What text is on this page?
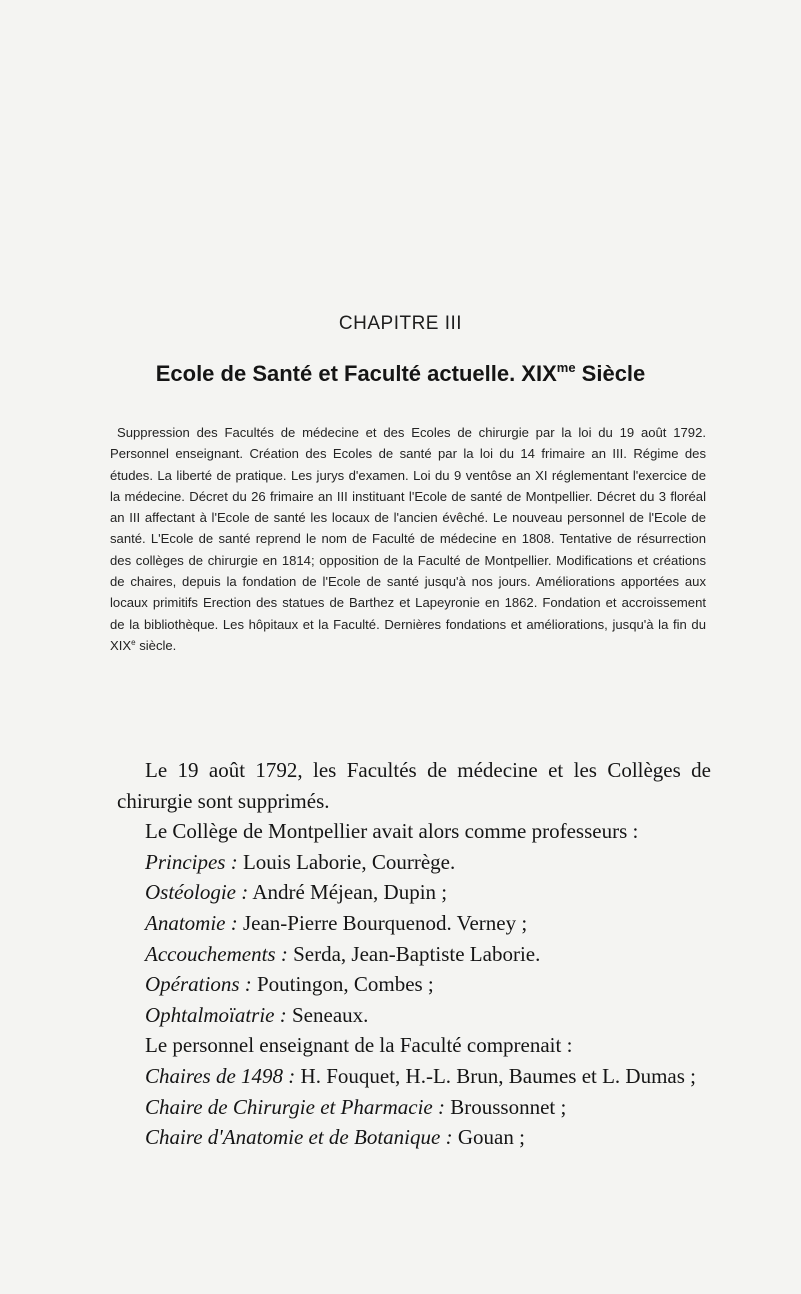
CHAPITRE III
Ecole de Santé et Faculté actuelle. $XIX^{me}$ Siècle
Suppression des Facultés de médecine et des Ecoles de chirurgie par la loi du 19 août 1792. Personnel enseignant. Création des Ecoles de santé par la loi du 14 frimaire an III. Régime des études. La liberté de pratique. Les jurys d'examen. Loi du 9 ventôse an XI réglementant l'exercice de la médecine. Décret du 26 frimaire an III instituant l'Ecole de santé de Montpellier. Décret du 3 floréal an III affectant à l'Ecole de santé les locaux de l'ancien évêché. Le nouveau personnel de l'Ecole de santé. L'Ecole de santé reprend le nom de Faculté de médecine en 1808. Tentative de résurrection des collèges de chirurgie en 1814; opposition de la Faculté de Montpellier. Modifications et créations de chaires, depuis la fondation de l'Ecole de santé jusqu'à nos jours. Améliorations apportées aux locaux primitifs Erection des statues de Barthez et Lapeyronie en 1862. Fondation et accroissement de la bibliothèque. Les hôpitaux et la Faculté. Dernières fondations et améliorations, jusqu'à la fin du XIXe siècle.

Le 19 août 1792, les Facultés de médecine et les Collèges de chirurgie sont supprimés.

Le Collège de Montpellier avait alors comme professeurs :

Principes : Louis Laborie, Courrège.

Ostéologie : André Méjean, Dupin ;

Anatomie : Jean-Pierre Bourquenod. Verney ;

Accouchements : Serda, Jean-Baptiste Laborie.

Opérations : Poutingon, Combes ;

Ophtalmoïatrie : Seneaux.

Le personnel enseignant de la Faculté comprenait :

Chaires de 1498 : H. Fouquet, H.-L. Brun, Baumes et L. Dumas ;

Chaire de Chirurgie et Pharmacie : Broussonnet ;

Chaire d'Anatomie et de Botanique : Gouan ;
